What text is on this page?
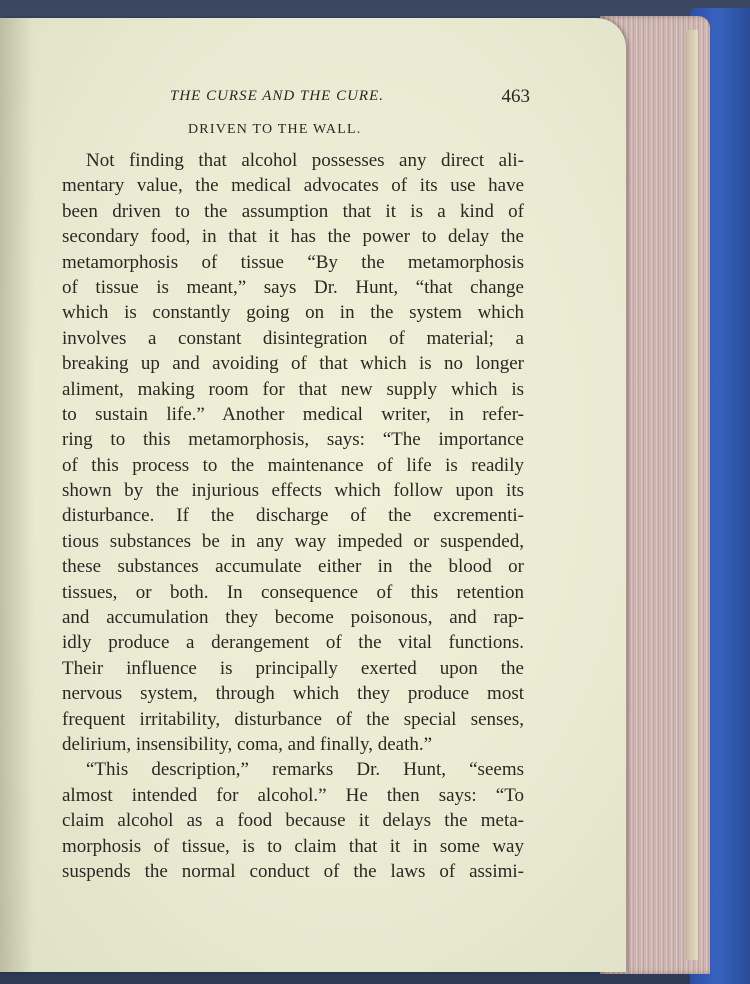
THE CURSE AND THE CURE.	463
DRIVEN TO THE WALL.
Not finding that alcohol possesses any direct ali-
mentary value, the medical advocates of its use have
been driven to the assumption that it is a kind of
secondary food, in that it has the power to delay the
metamorphosis of tissue “By the metamorphosis
of tissue is meant,” says Dr. Hunt, “that change
which is constantly going on in the system which
involves a constant disintegration of material; a
breaking up and avoiding of that which is no longer
aliment, making room for that new supply which is
to sustain life.” Another medical writer, in refer-
ring to this metamorphosis, says: “The importance
of this process to the maintenance of life is readily
shown by the injurious effects which follow upon its
disturbance. If the discharge of the excrementi-
tious substances be in any way impeded or suspended,
these substances accumulate either in the blood or
tissues, or both. In consequence of this retention
and accumulation they become poisonous, and rap-
idly produce a derangement of the vital functions.
Their influence is principally exerted upon the
nervous system, through which they produce most
frequent irritability, disturbance of the special senses,
delirium, insensibility, coma, and finally, death.”
“This description,” remarks Dr. Hunt, “seems
almost intended for alcohol.” He then says: “To
claim alcohol as a food because it delays the meta-
morphosis of tissue, is to claim that it in some way
suspends the normal conduct of the laws of assimi-
